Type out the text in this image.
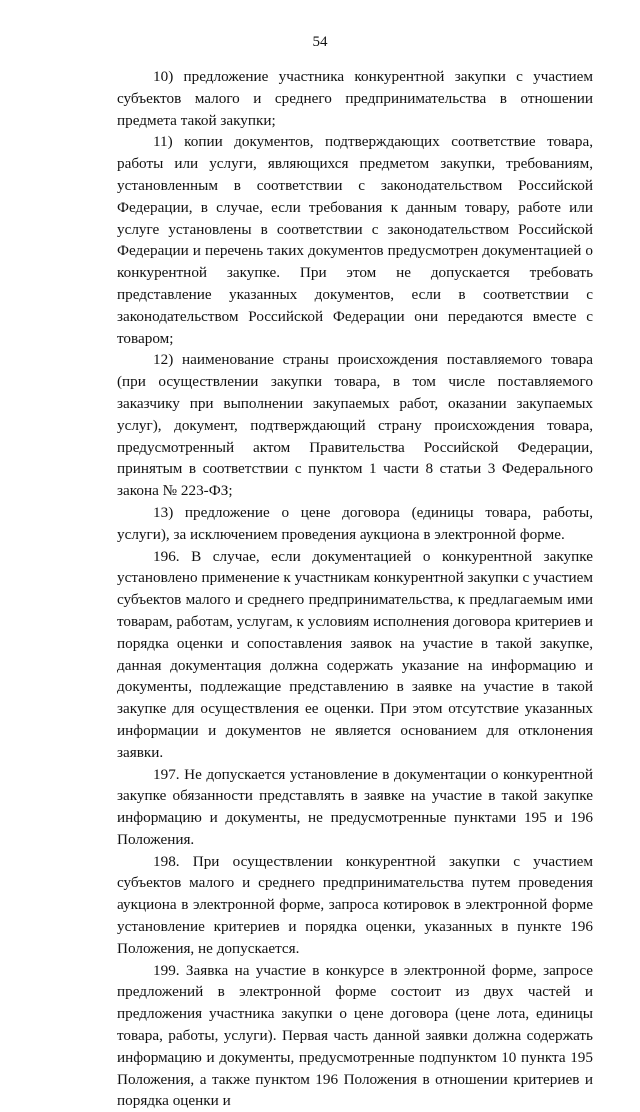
54

10) предложение участника конкурентной закупки с участием субъектов малого и среднего предпринимательства в отношении предмета такой закупки;

11) копии документов, подтверждающих соответствие товара, работы или услуги, являющихся предметом закупки, требованиям, установленным в соответствии с законодательством Российской Федерации, в случае, если требования к данным товару, работе или услуге установлены в соответствии с законодательством Российской Федерации и перечень таких документов предусмотрен документацией о конкурентной закупке. При этом не допускается требовать представление указанных документов, если в соответствии с законодательством Российской Федерации они передаются вместе с товаром;

12) наименование страны происхождения поставляемого товара (при осуществлении закупки товара, в том числе поставляемого заказчику при выполнении закупаемых работ, оказании закупаемых услуг), документ, подтверждающий страну происхождения товара, предусмотренный актом Правительства Российской Федерации, принятым в соответствии с пунктом 1 части 8 статьи 3 Федерального закона № 223-ФЗ;

13) предложение о цене договора (единицы товара, работы, услуги), за исключением проведения аукциона в электронной форме.

196. В случае, если документацией о конкурентной закупке установлено применение к участникам конкурентной закупки с участием субъектов малого и среднего предпринимательства, к предлагаемым ими товарам, работам, услугам, к условиям исполнения договора критериев и порядка оценки и сопоставления заявок на участие в такой закупке, данная документация должна содержать указание на информацию и документы, подлежащие представлению в заявке на участие в такой закупке для осуществления ее оценки. При этом отсутствие указанных информации и документов не является основанием для отклонения заявки.

197. Не допускается установление в документации о конкурентной закупке обязанности представлять в заявке на участие в такой закупке информацию и документы, не предусмотренные пунктами 195 и 196 Положения.

198. При осуществлении конкурентной закупки с участием субъектов малого и среднего предпринимательства путем проведения аукциона в электронной форме, запроса котировок в электронной форме установление критериев и порядка оценки, указанных в пункте 196 Положения, не допускается.

199. Заявка на участие в конкурсе в электронной форме, запросе предложений в электронной форме состоит из двух частей и предложения участника закупки о цене договора (цене лота, единицы товара, работы, услуги). Первая часть данной заявки должна содержать информацию и документы, предусмотренные подпунктом 10 пункта 195 Положения, а также пунктом 196 Положения в отношении критериев и порядка оценки и
